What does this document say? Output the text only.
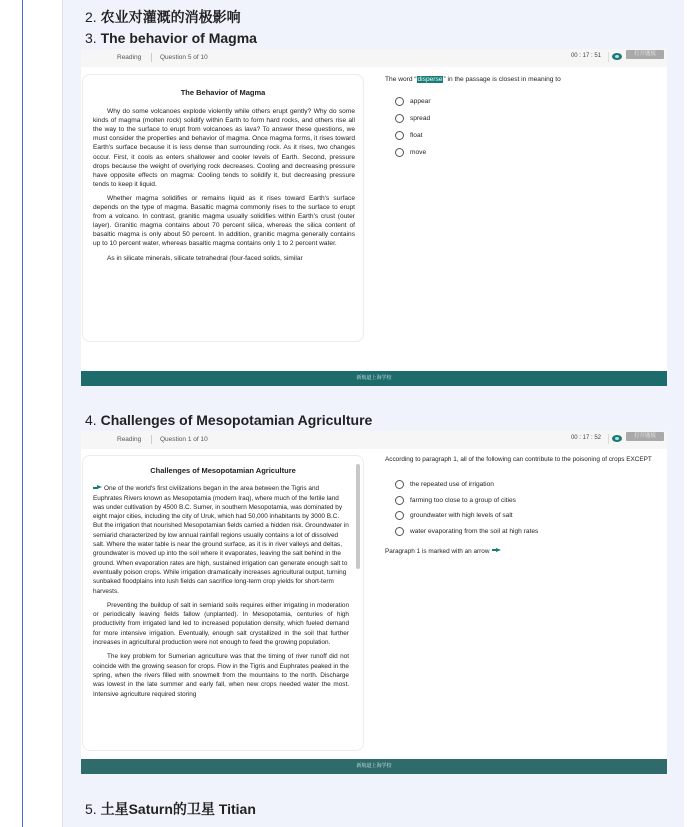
2. 农业对灌溉的消极影响
3. The behavior of Magma
Reading	Question 5 of 10	00 : 17 : 51	打开题板
The Behavior of Magma

Why do some volcanoes explode violently while others erupt gently? Why do some kinds of magma (molten rock) solidify within Earth to form hard rocks, and others rise all the way to the surface to erupt from volcanoes as lava? To answer these questions, we must consider the properties and behavior of magma. Once magma forms, it rises toward Earth's surface because it is less dense than surrounding rock. As it rises, two changes occur. First, it cools as enters shallower and cooler levels of Earth. Second, pressure drops because the weight of overlying rock decreases. Cooling and decreasing pressure have opposite effects on magma: Cooling tends to solidify it, but decreasing pressure tends to keep it liquid.

Whether magma solidifies or remains liquid as it rises toward Earth's surface depends on the type of magma. Basaltic magma commonly rises to the surface to erupt from a volcano. In contrast, granitic magma usually solidifies within Earth's crust (outer layer). Granitic magma contains about 70 percent silica, whereas the silica content of basaltic magma is only about 50 percent. In addition, granitic magma generally contains up to 10 percent water, whereas basaltic magma contains only 1 to 2 percent water.

As in silicate minerals, silicate tetrahedral (four-faced solids, similar

The word “disperse” in the passage is closest in meaning to
appear
spread
float
move
新航道上海学校
4. Challenges of Mesopotamian Agriculture
Reading	Question 1 of 10	00 : 17 : 52	打开题板
Challenges of Mesopotamian Agriculture

One of the world's first civilizations began in the area between the Tigris and Euphrates Rivers known as Mesopotamia (modern Iraq), where much of the fertile land was under cultivation by 4500 B.C. Sumer, in southern Mesopotamia, was dominated by eight major cities, including the city of Uruk, which had 50,000 inhabitants by 3000 B.C. But the irrigation that nourished Mesopotamian fields carried a hidden risk. Groundwater in semiarid characterized by low annual rainfall regions usually contains a lot of dissolved salt. Where the water table is near the ground surface, as it is in river valleys and deltas, groundwater is moved up into the soil where it evaporates, leaving the salt behind in the ground. When evaporation rates are high, sustained irrigation can generate enough salt to eventually poison crops. While irrigation dramatically increases agricultural output, turning sunbaked floodplains into lush fields can sacrifice long-term crop yields for short-term harvests.

Preventing the buildup of salt in semiarid soils requires either irrigating in moderation or periodically leaving fields fallow (unplanted). In Mesopotamia, centuries of high productivity from irrigated land led to increased population density, which fueled demand for more intensive irrigation. Eventually, enough salt crystallized in the soil that further increases in agricultural production were not enough to feed the growing population.

The key problem for Sumerian agriculture was that the timing of river runoff did not coincide with the growing season for crops. Flow in the Tigris and Euphrates peaked in the spring, when the rivers filled with snowmelt from the mountains to the north. Discharge was lowest in the late summer and early fall, when new crops needed water the most. Intensive agriculture required storing

According to paragraph 1, all of the following can contribute to the poisoning of crops EXCEPT
the repeated use of irrigation
farming too close to a group of cities
groundwater with high levels of salt
water evaporating from the soil at high rates
Paragraph 1 is marked with an arrow
新航道上海学校
5. 土星Saturn的卫星 Titian
